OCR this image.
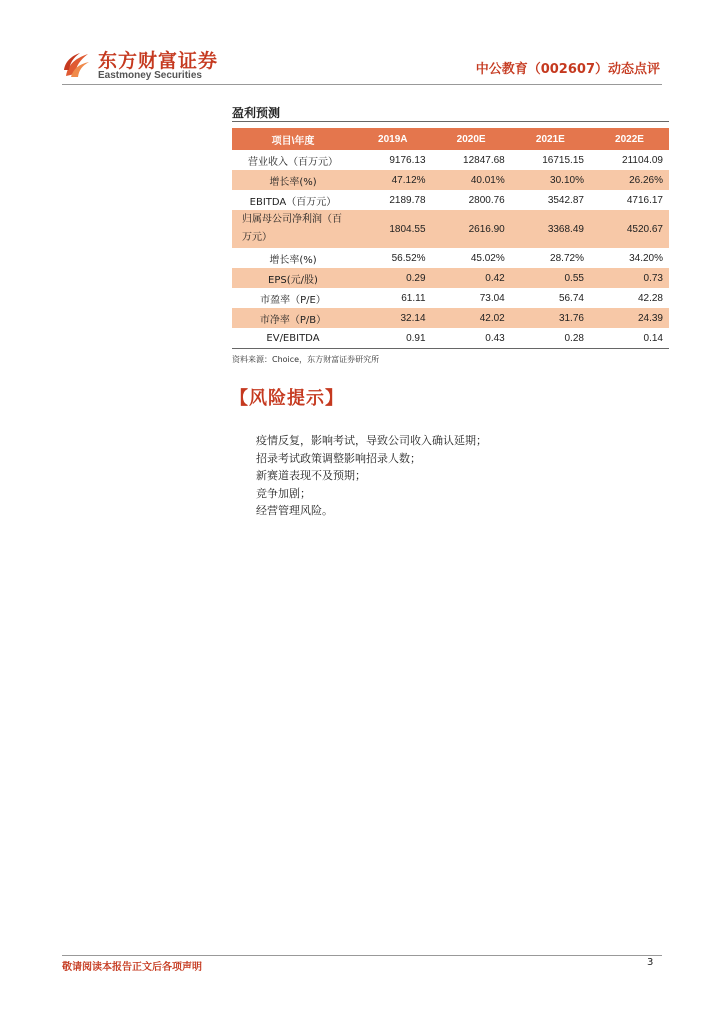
东方财富证券
Eastmoney Securities	中公教育（002607）动态点评
盈利预测
项目\年度	2019A	2020E	2021E	2022E
营业收入（百万元）	9176.13	12847.68	16715.15	21104.09
增长率(%)	47.12%	40.01%	30.10%	26.26%
EBITDA（百万元）	2189.78	2800.76	3542.87	4716.17
归属母公司净利润（百万元）	1804.55	2616.90	3368.49	4520.67
增长率(%)	56.52%	45.02%	28.72%	34.20%
EPS(元/股)	0.29	0.42	0.55	0.73
市盈率（P/E）	61.11	73.04	56.74	42.28
市净率（P/B）	32.14	42.02	31.76	24.39
EV/EBITDA	0.91	0.43	0.28	0.14
资料来源：Choice，东方财富证券研究所
【风险提示】
疫情反复，影响考试，导致公司收入确认延期；
招录考试政策调整影响招录人数；
新赛道表现不及预期；
竞争加剧；
经营管理风险。
敬请阅读本报告正文后各项声明	3
